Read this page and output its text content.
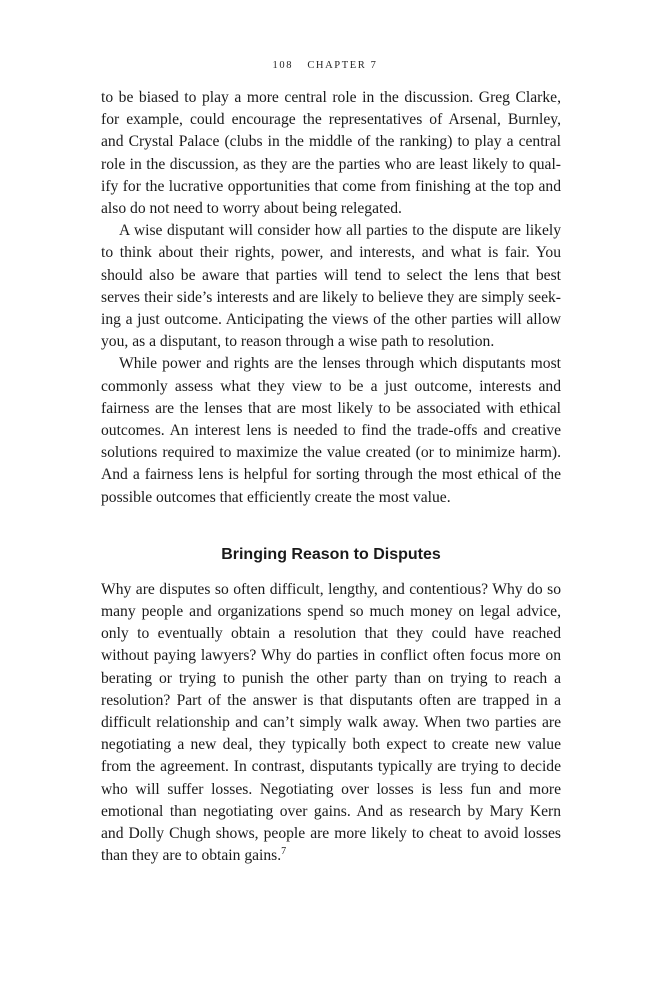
108 CHAPTER 7

to be biased to play a more central role in the discussion. Greg Clarke, for example, could encourage the representatives of Arsenal, Burnley, and Crystal Palace (clubs in the middle of the ranking) to play a central role in the discussion, as they are the parties who are least likely to qualify for the lucrative opportunities that come from finishing at the top and also do not need to worry about being relegated.

A wise disputant will consider how all parties to the dispute are likely to think about their rights, power, and interests, and what is fair. You should also be aware that parties will tend to select the lens that best serves their side’s interests and are likely to believe they are simply seeking a just outcome. Anticipating the views of the other parties will allow you, as a disputant, to reason through a wise path to resolution.

While power and rights are the lenses through which disputants most commonly assess what they view to be a just outcome, interests and fairness are the lenses that are most likely to be associated with ethical outcomes. An interest lens is needed to find the trade-offs and creative solutions required to maximize the value created (or to minimize harm). And a fairness lens is helpful for sorting through the most ethical of the possible outcomes that efficiently create the most value.

Bringing Reason to Disputes

Why are disputes so often difficult, lengthy, and contentious? Why do so many people and organizations spend so much money on legal advice, only to eventually obtain a resolution that they could have reached without paying lawyers? Why do parties in conflict often focus more on berating or trying to punish the other party than on trying to reach a resolution? Part of the answer is that disputants often are trapped in a difficult relationship and can’t simply walk away. When two parties are negotiating a new deal, they typically both expect to create new value from the agreement. In contrast, disputants typically are trying to decide who will suffer losses. Negotiating over losses is less fun and more emotional than negotiating over gains. And as research by Mary Kern and Dolly Chugh shows, people are more likely to cheat to avoid losses than they are to obtain gains.$^7$
